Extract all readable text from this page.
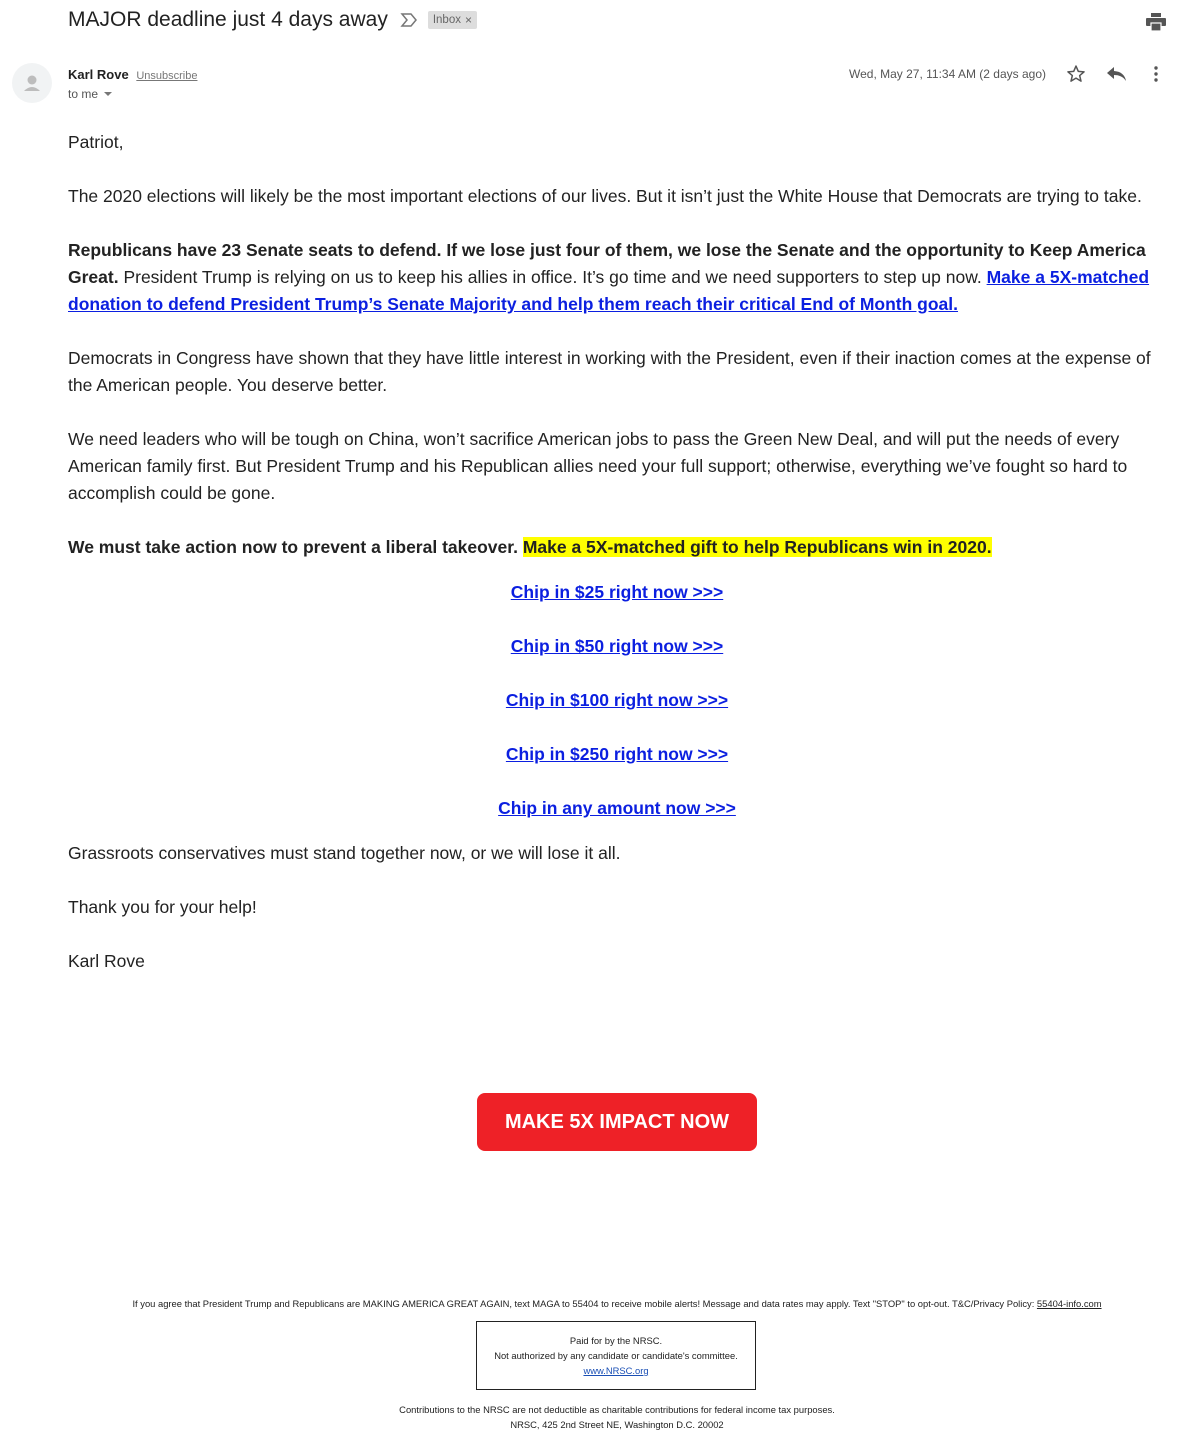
MAJOR deadline just 4 days away	Inbox ×
Karl Rove Unsubscribe
to me
Wed, May 27, 11:34 AM (2 days ago)

Patriot,

The 2020 elections will likely be the most important elections of our lives. But it isn’t just the White House that Democrats are trying to take.

Republicans have 23 Senate seats to defend. If we lose just four of them, we lose the Senate and the opportunity to Keep America Great. President Trump is relying on us to keep his allies in office. It’s go time and we need supporters to step up now. Make a 5X-matched donation to defend President Trump’s Senate Majority and help them reach their critical End of Month goal.

Democrats in Congress have shown that they have little interest in working with the President, even if their inaction comes at the expense of the American people. You deserve better.

We need leaders who will be tough on China, won’t sacrifice American jobs to pass the Green New Deal, and will put the needs of every American family first. But President Trump and his Republican allies need your full support; otherwise, everything we’ve fought so hard to accomplish could be gone.

We must take action now to prevent a liberal takeover. Make a 5X-matched gift to help Republicans win in 2020.

Chip in $25 right now >>>
Chip in $50 right now >>>
Chip in $100 right now >>>
Chip in $250 right now >>>
Chip in any amount now >>>

Grassroots conservatives must stand together now, or we will lose it all.

Thank you for your help!

Karl Rove

MAKE 5X IMPACT NOW
If you agree that President Trump and Republicans are MAKING AMERICA GREAT AGAIN, text MAGA to 55404 to receive mobile alerts! Message and data rates may apply. Text "STOP" to opt-out. T&C/Privacy Policy: 55404-info.com
Paid for by the NRSC.
Not authorized by any candidate or candidate's committee.
www.NRSC.org
Contributions to the NRSC are not deductible as charitable contributions for federal income tax purposes.
NRSC, 425 2nd Street NE, Washington D.C. 20002
